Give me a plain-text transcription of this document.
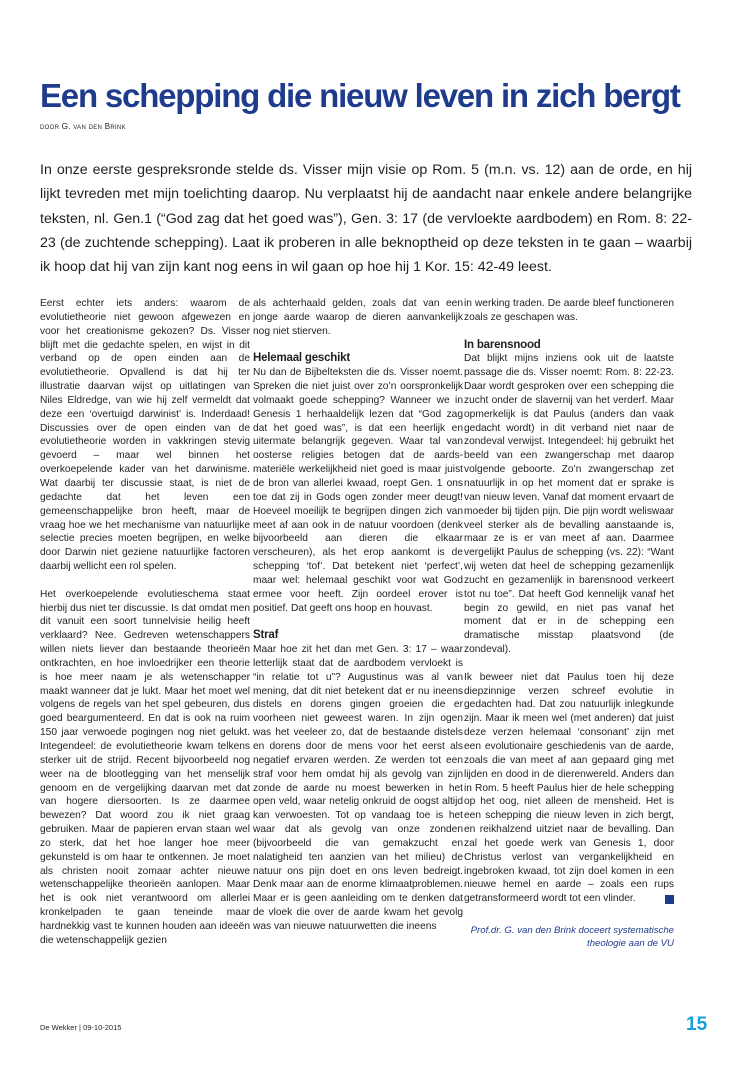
Een schepping die nieuw leven in zich bergt
door G. van den Brink

In onze eerste gespreksronde stelde ds. Visser mijn visie op Rom. 5 (m.n. vs. 12) aan de orde, en hij lijkt tevreden met mijn toelichting daarop. Nu verplaatst hij de aandacht naar enkele andere belangrijke teksten, nl. Gen.1 (“God zag dat het goed was”), Gen. 3: 17 (de vervloekte aardbodem) en Rom. 8: 22-23 (de zuchtende schepping). Laat ik proberen in alle beknoptheid op deze teksten in te gaan – waarbij ik hoop dat hij van zijn kant nog eens in wil gaan op hoe hij 1 Kor. 15: 42-49 leest.

Eerst echter iets anders: waarom de evolutietheorie niet gewoon afgewezen en voor het creationisme gekozen? Ds. Visser blijft met die gedachte spelen, en wijst in dit verband op de open einden aan de evolutietheorie. Opvallend is dat hij ter illustratie daarvan wijst op uitlatingen van Niles Eldredge, van wie hij zelf vermeldt dat deze een ‘overtuigd darwinist’ is. Inderdaad! Discussies over de open einden van de evolutietheorie worden in vakkringen stevig gevoerd – maar wel binnen het overkoepelende kader van het darwinisme. Wat daarbij ter discussie staat, is niet de gedachte dat het leven een gemeenschappelijke bron heeft, maar de vraag hoe we het mechanisme van natuurlijke selectie precies moeten begrijpen, en welke door Darwin niet geziene natuurlijke factoren daarbij wellicht een rol spelen.

Het overkoepelende evolutieschema staat hierbij dus niet ter discussie. Is dat omdat men dit vanuit een soort tunnelvisie heilig heeft verklaard? Nee. Gedreven wetenschappers willen niets liever dan bestaande theorieën ontkrachten, en hoe invloedrijker een theorie is hoe meer naam je als wetenschapper maakt wanneer dat je lukt. Maar het moet wel volgens de regels van het spel gebeuren, dus goed beargumenteerd. En dat is ook na ruim 150 jaar verwoede pogingen nog niet gelukt. Integendeel: de evolutietheorie kwam telkens sterker uit de strijd. Recent bijvoorbeeld nog weer na de blootlegging van het menselijk genoom en de vergelijking daarvan met dat van hogere diersoorten. Is ze daarmee bewezen? Dat woord zou ik niet graag gebruiken. Maar de papieren ervan staan wel zo sterk, dat het hoe langer hoe meer gekunsteld is om haar te ontkennen. Je moet als christen nooit zomaar achter nieuwe wetenschappelijke theorieën aanlopen. Maar het is ook niet verantwoord om allerlei kronkelpaden te gaan teneinde maar hardnekkig vast te kunnen houden aan ideeën die wetenschappelijk gezien

als achterhaald gelden, zoals dat van een jonge aarde waarop de dieren aanvankelijk nog niet stierven.

Helemaal geschikt

Nu dan de Bijbelteksten die ds. Visser noemt. Spreken die niet juist over zo’n oorspronkelijk volmaakt goede schepping? Wanneer we in Genesis 1 herhaaldelijk lezen dat “God zag dat het goed was”, is dat een heerlijk en uitermate belangrijk gegeven. Waar tal van oosterse religies betogen dat de aards-materiële werkelijkheid niet goed is maar juist de bron van allerlei kwaad, roept Gen. 1 ons toe dat zij in Gods ogen zonder meer deugt! Hoeveel moeilijk te begrijpen dingen zich van meet af aan ook in de natuur voordoen (denk bijvoorbeeld aan dieren die elkaar verscheuren), als het erop aankomt is de schepping ‘tof’. Dat betekent niet ‘perfect’, maar wel: helemaal geschikt voor wat God ermee voor heeft. Zijn oordeel erover is positief. Dat geeft ons hoop en houvast.

Straf

Maar hoe zit het dan met Gen. 3: 17 – waar letterlijk staat dat de aardbodem vervloekt is “in relatie tot u”? Augustinus was al van mening, dat dit niet betekent dat er nu ineens distels en dorens gingen groeien die er voorheen niet geweest waren. In zijn ogen was het veeleer zo, dat de bestaande distels en dorens door de mens voor het eerst als negatief ervaren werden. Ze werden tot een straf voor hem omdat hij als gevolg van zijn zonde de aarde nu moest bewerken in het open veld, waar netelig onkruid de oogst altijd kan verwoesten. Tot op vandaag toe is het waar dat als gevolg van onze zonden (bijvoorbeeld die van gemakzucht en nalatigheid ten aanzien van het milieu) de natuur ons pijn doet en ons leven bedreigt. Denk maar aan de enorme klimaatproblemen. Maar er is geen aanleiding om te denken dat de vloek die over de aarde kwam het gevolg was van nieuwe natuurwetten die ineens

in werking traden. De aarde bleef functioneren zoals ze geschapen was.

In barensnood

Dat blijkt mijns inziens ook uit de laatste passage die ds. Visser noemt: Rom. 8: 22-23. Daar wordt gesproken over een schepping die zucht onder de slavernij van het verderf. Maar opmerkelijk is dat Paulus (anders dan vaak gedacht wordt) in dit verband niet naar de zondeval verwijst. Integendeel: hij gebruikt het beeld van een zwangerschap met daarop volgende geboorte. Zo’n zwangerschap zet natuurlijk in op het moment dat er sprake is van nieuw leven. Vanaf dat moment ervaart de moeder bij tijden pijn. Die pijn wordt weliswaar veel sterker als de bevalling aanstaande is, maar ze is er van meet af aan. Daarmee vergelijkt Paulus de schepping (vs. 22): “Want wij weten dat heel de schepping gezamenlijk zucht en gezamenlijk in barensnood verkeert tot nu toe”. Dat heeft God kennelijk vanaf het begin zo gewild, en niet pas vanaf het moment dat er in de schepping een dramatische misstap plaatsvond (de zondeval).

Ik beweer niet dat Paulus toen hij deze diepzinnige verzen schreef evolutie in gedachten had. Dat zou natuurlijk inlegkunde zijn. Maar ik meen wel (met anderen) dat juist deze verzen helemaal ‘consonant’ zijn met een evolutionaire geschiedenis van de aarde, zoals die van meet af aan gepaard ging met lijden en dood in de dierenwereld. Anders dan in Rom. 5 heeft Paulus hier de hele schepping op het oog, niet alleen de mensheid. Het is een schepping die nieuw leven in zich bergt, en reikhalzend uitziet naar de bevalling. Dan zal het goede werk van Genesis 1, door Christus verlost van vergankelijkheid en ingebroken kwaad, tot zijn doel komen in een nieuwe hemel en aarde – zoals een rups getransformeerd wordt tot een vlinder.

Prof.dr. G. van den Brink doceert systematische theologie aan de VU
De Wekker | 09-10-2015	15
